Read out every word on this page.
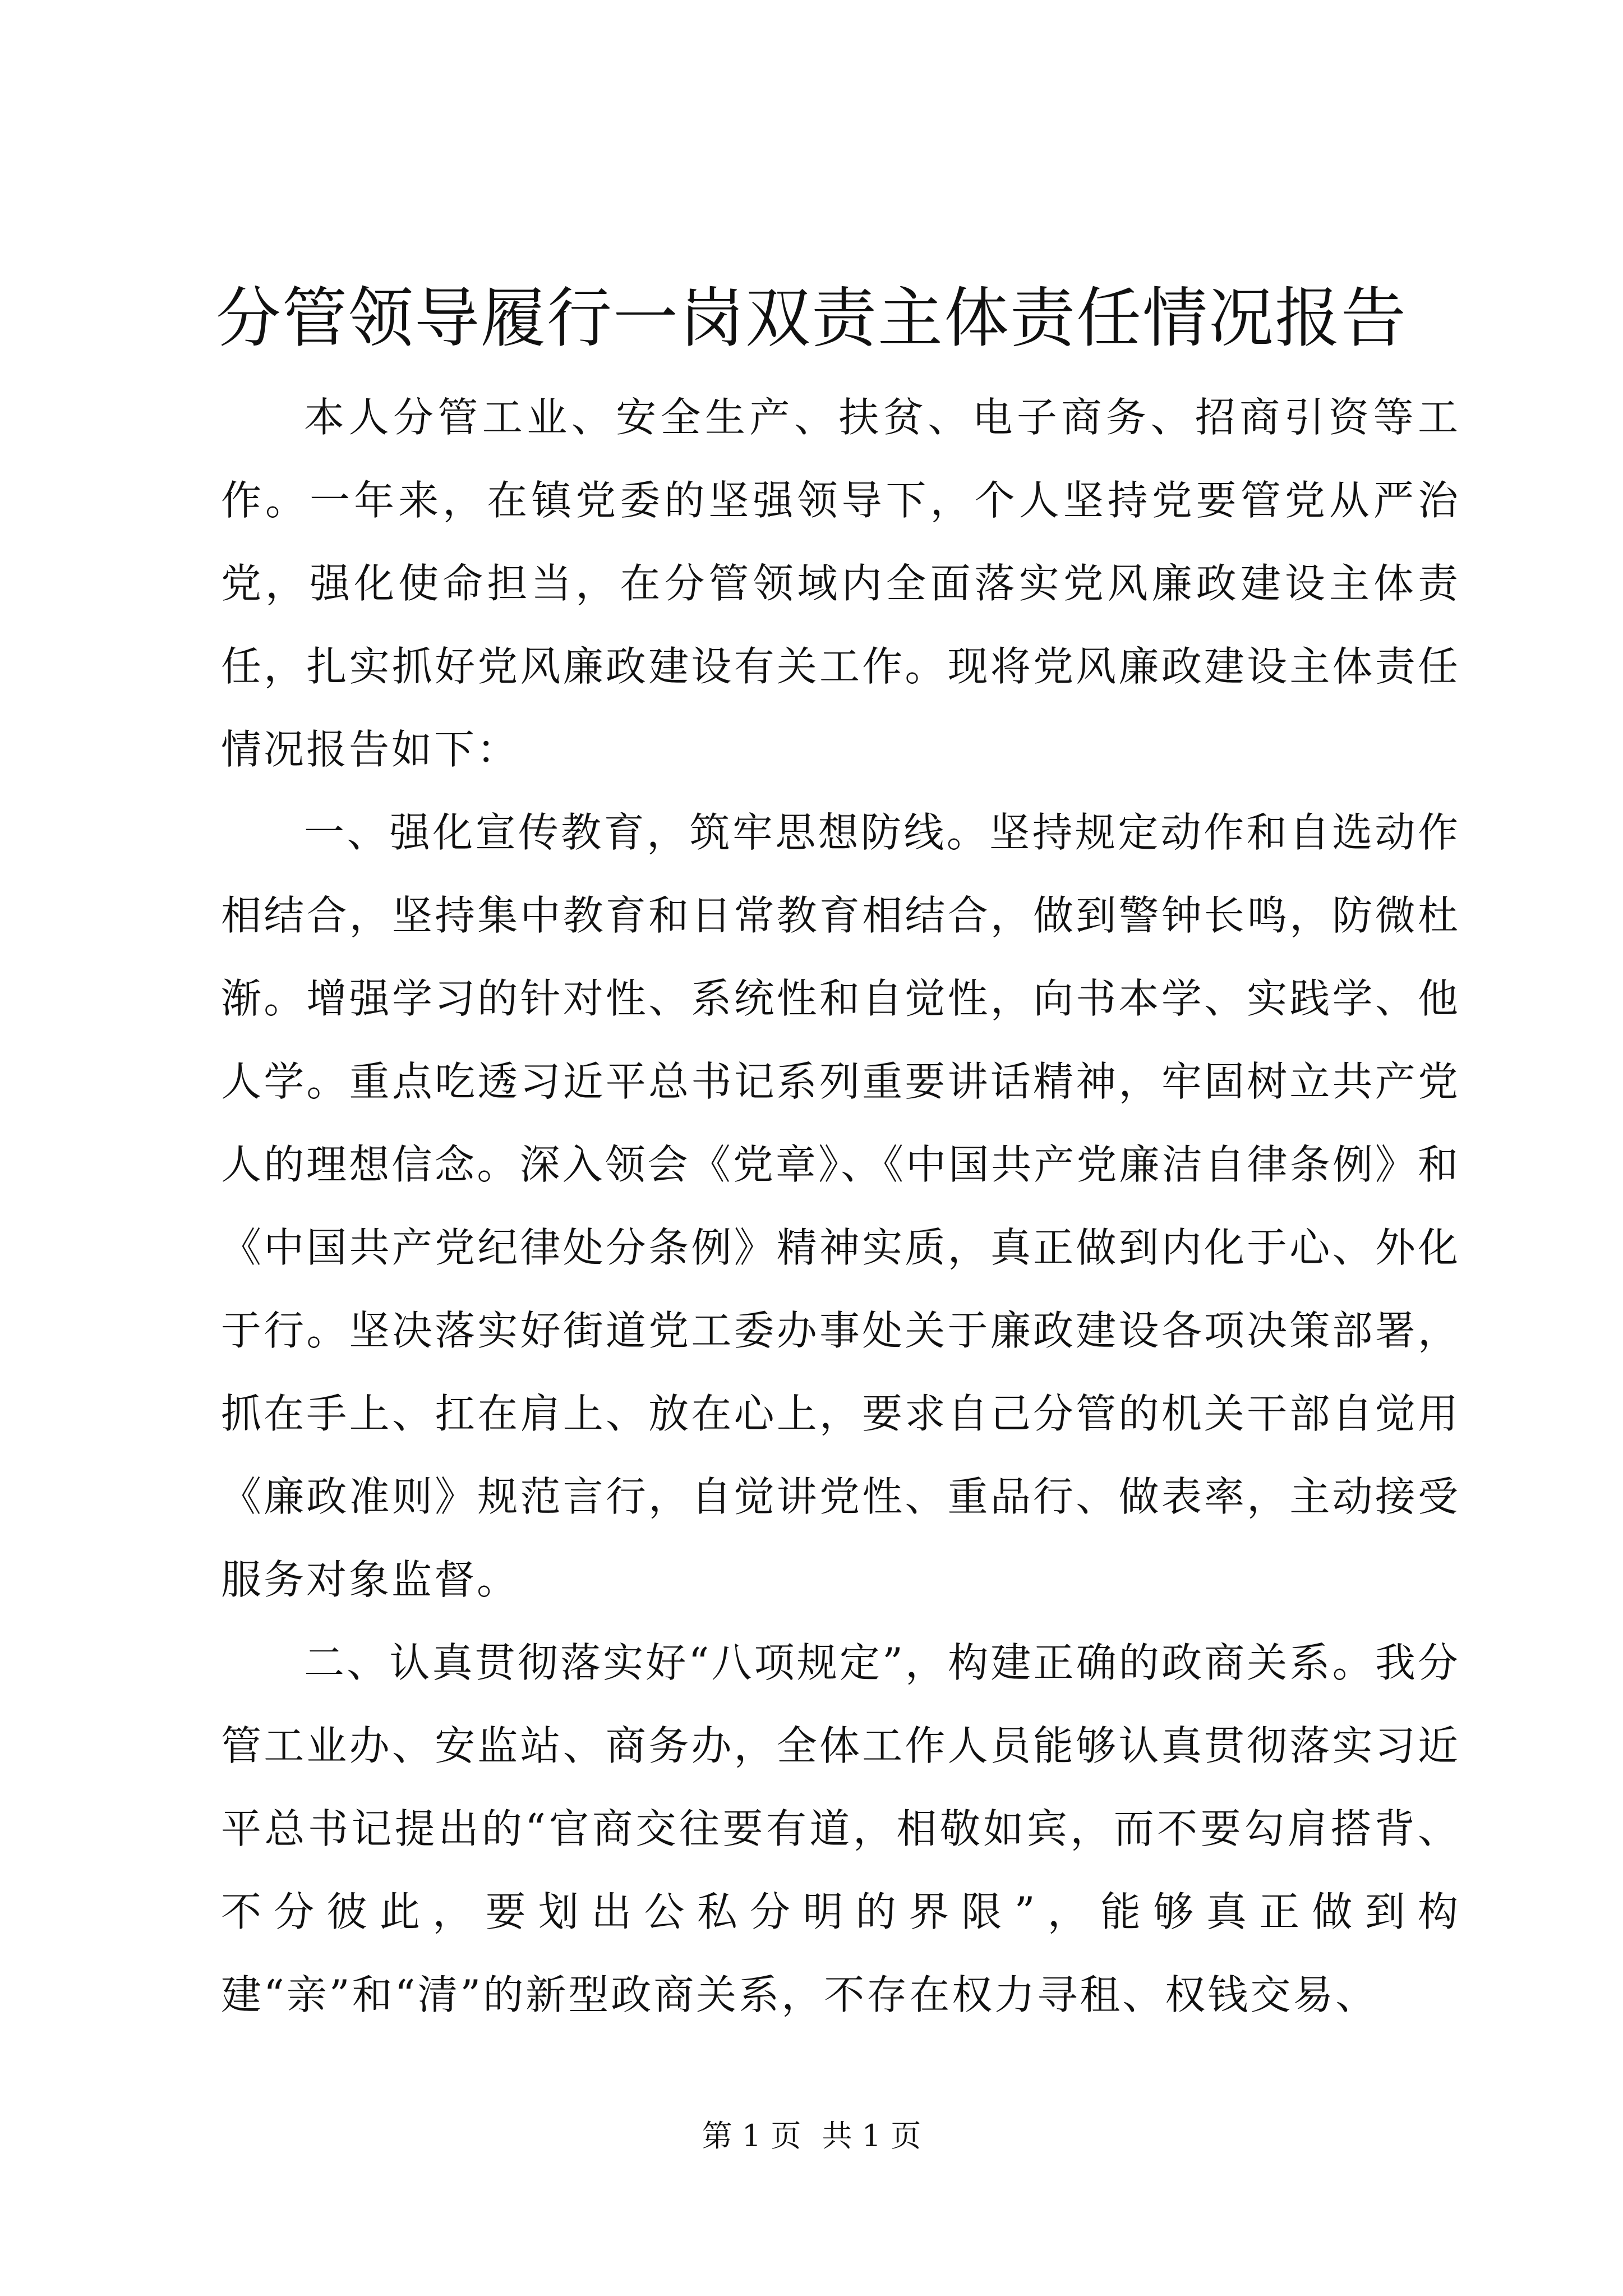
分管领导履行一岗双责主体责任情况报告

本人分管工业、安全生产、扶贫、电子商务、招商引资等工作。一年来，在镇党委的坚强领导下，个人坚持党要管党从严治党，强化使命担当，在分管领域内全面落实党风廉政建设主体责任，扎实抓好党风廉政建设有关工作。现将党风廉政建设主体责任情况报告如下：

一、强化宣传教育，筑牢思想防线。坚持规定动作和自选动作相结合，坚持集中教育和日常教育相结合，做到警钟长鸣，防微杜渐。增强学习的针对性、系统性和自觉性，向书本学、实践学、他人学。重点吃透习近平总书记系列重要讲话精神，牢固树立共产党人的理想信念。深入领会《党章》、《中国共产党廉洁自律条例》和《中国共产党纪律处分条例》精神实质，真正做到内化于心、外化于行。坚决落实好街道党工委办事处关于廉政建设各项决策部署，抓在手上、扛在肩上、放在心上，要求自己分管的机关干部自觉用《廉政准则》规范言行，自觉讲党性、重品行、做表率，主动接受服务对象监督。

二、认真贯彻落实好“八项规定”，构建正确的政商关系。我分管工业办、安监站、商务办，全体工作人员能够认真贯彻落实习近平总书记提出的“官商交往要有道，相敬如宾，而不要勾肩搭背、不分彼此，要划出公私分明的界限”，能够真正做到构建“亲”和“清”的新型政商关系，不存在权力寻租、权钱交易、

第 1 页 共 1 页
